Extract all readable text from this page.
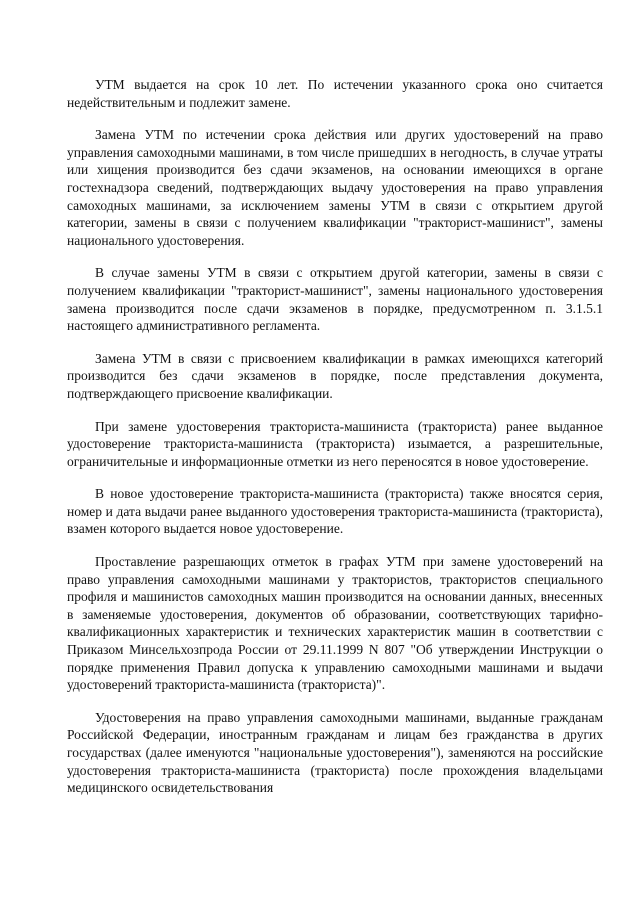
УТМ выдается на срок 10 лет. По истечении указанного срока оно считается недействительным и подлежит замене.

Замена УТМ по истечении срока действия или других удостоверений на право управления самоходными машинами, в том числе пришедших в негодность, в случае утраты или хищения производится без сдачи экзаменов, на основании имеющихся в органе гостехнадзора сведений, подтверждающих выдачу удостоверения на право управления самоходных машинами, за исключением замены УТМ в связи с открытием другой категории, замены в связи с получением квалификации "тракторист-машинист", замены национального удостоверения.

В случае замены УТМ в связи с открытием другой категории, замены в связи с получением квалификации "тракторист-машинист", замены национального удостоверения замена производится после сдачи экзаменов в порядке, предусмотренном п. 3.1.5.1 настоящего административного регламента.

Замена УТМ в связи с присвоением квалификации в рамках имеющихся категорий производится без сдачи экзаменов в порядке, после представления документа, подтверждающего присвоение квалификации.

При замене удостоверения тракториста-машиниста (тракториста) ранее выданное удостоверение тракториста-машиниста (тракториста) изымается, а разрешительные, ограничительные и информационные отметки из него переносятся в новое удостоверение.

В новое удостоверение тракториста-машиниста (тракториста) также вносятся серия, номер и дата выдачи ранее выданного удостоверения тракториста-машиниста (тракториста), взамен которого выдается новое удостоверение.

Проставление разрешающих отметок в графах УТМ при замене удостоверений на право управления самоходными машинами у трактористов, трактористов специального профиля и машинистов самоходных машин производится на основании данных, внесенных в заменяемые удостоверения, документов об образовании, соответствующих тарифно-квалификационных характеристик и технических характеристик машин в соответствии с Приказом Минсельхозпрода России от 29.11.1999 N 807 "Об утверждении Инструкции о порядке применения Правил допуска к управлению самоходными машинами и выдачи удостоверений тракториста-машиниста (тракториста)".

Удостоверения на право управления самоходными машинами, выданные гражданам Российской Федерации, иностранным гражданам и лицам без гражданства в других государствах (далее именуются "национальные удостоверения"), заменяются на российские удостоверения тракториста-машиниста (тракториста) после прохождения владельцами медицинского освидетельствования
